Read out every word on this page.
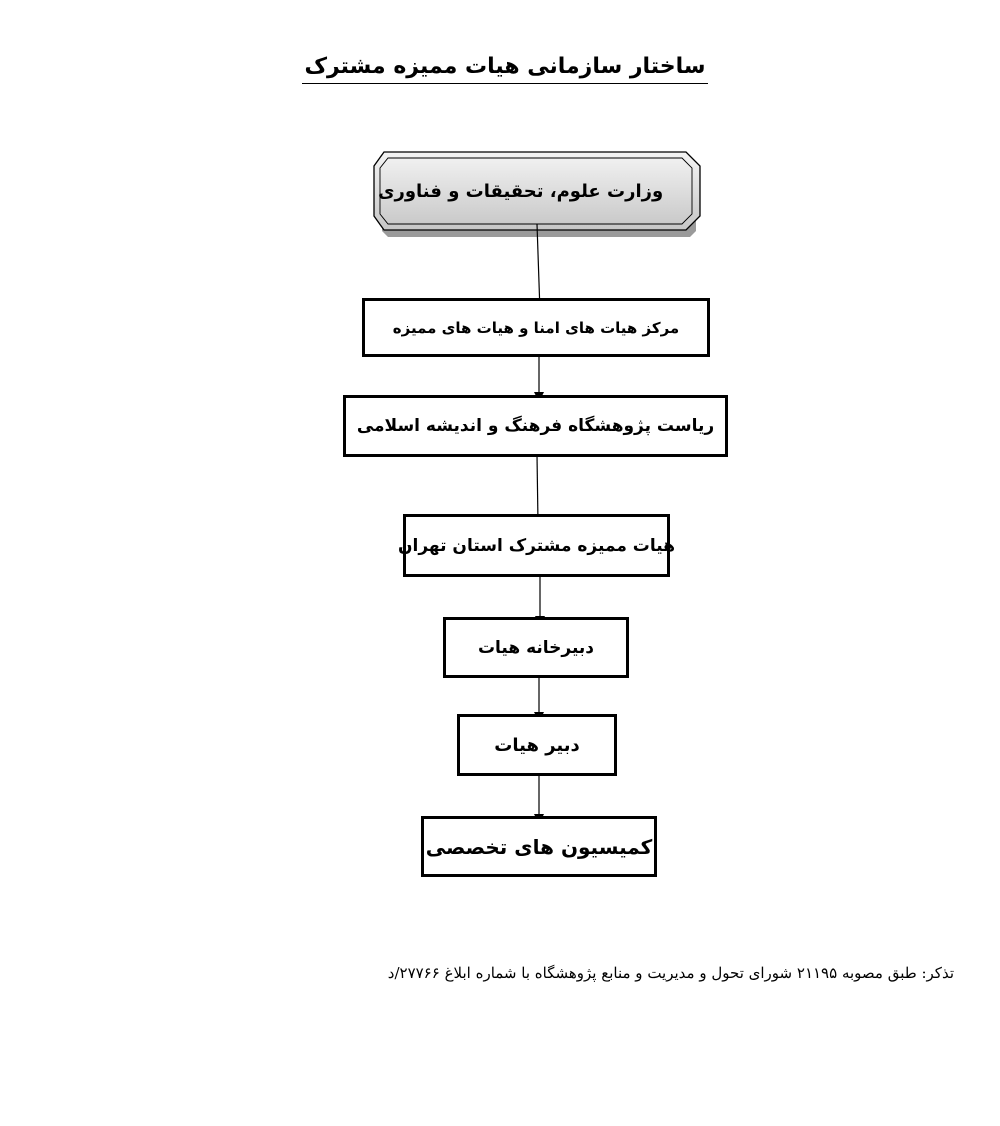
ساختار سازمانی هیات ممیزه مشترک
وزارت علوم، تحقیقات و فناوری
مرکز هیات های امنا و هیات های ممیزه
ریاست پژوهشگاه فرهنگ و اندیشه اسلامی
هیات ممیزه مشترک استان تهران
دبیرخانه هیات
دبیر هیات
کمیسیون های تخصصی
تذکر: طبق مصوبه ۲۱۱۹۵ شورای تحول و مدیریت و منابع پژوهشگاه با شماره ابلاغ ۲۷۷۶۶/د
